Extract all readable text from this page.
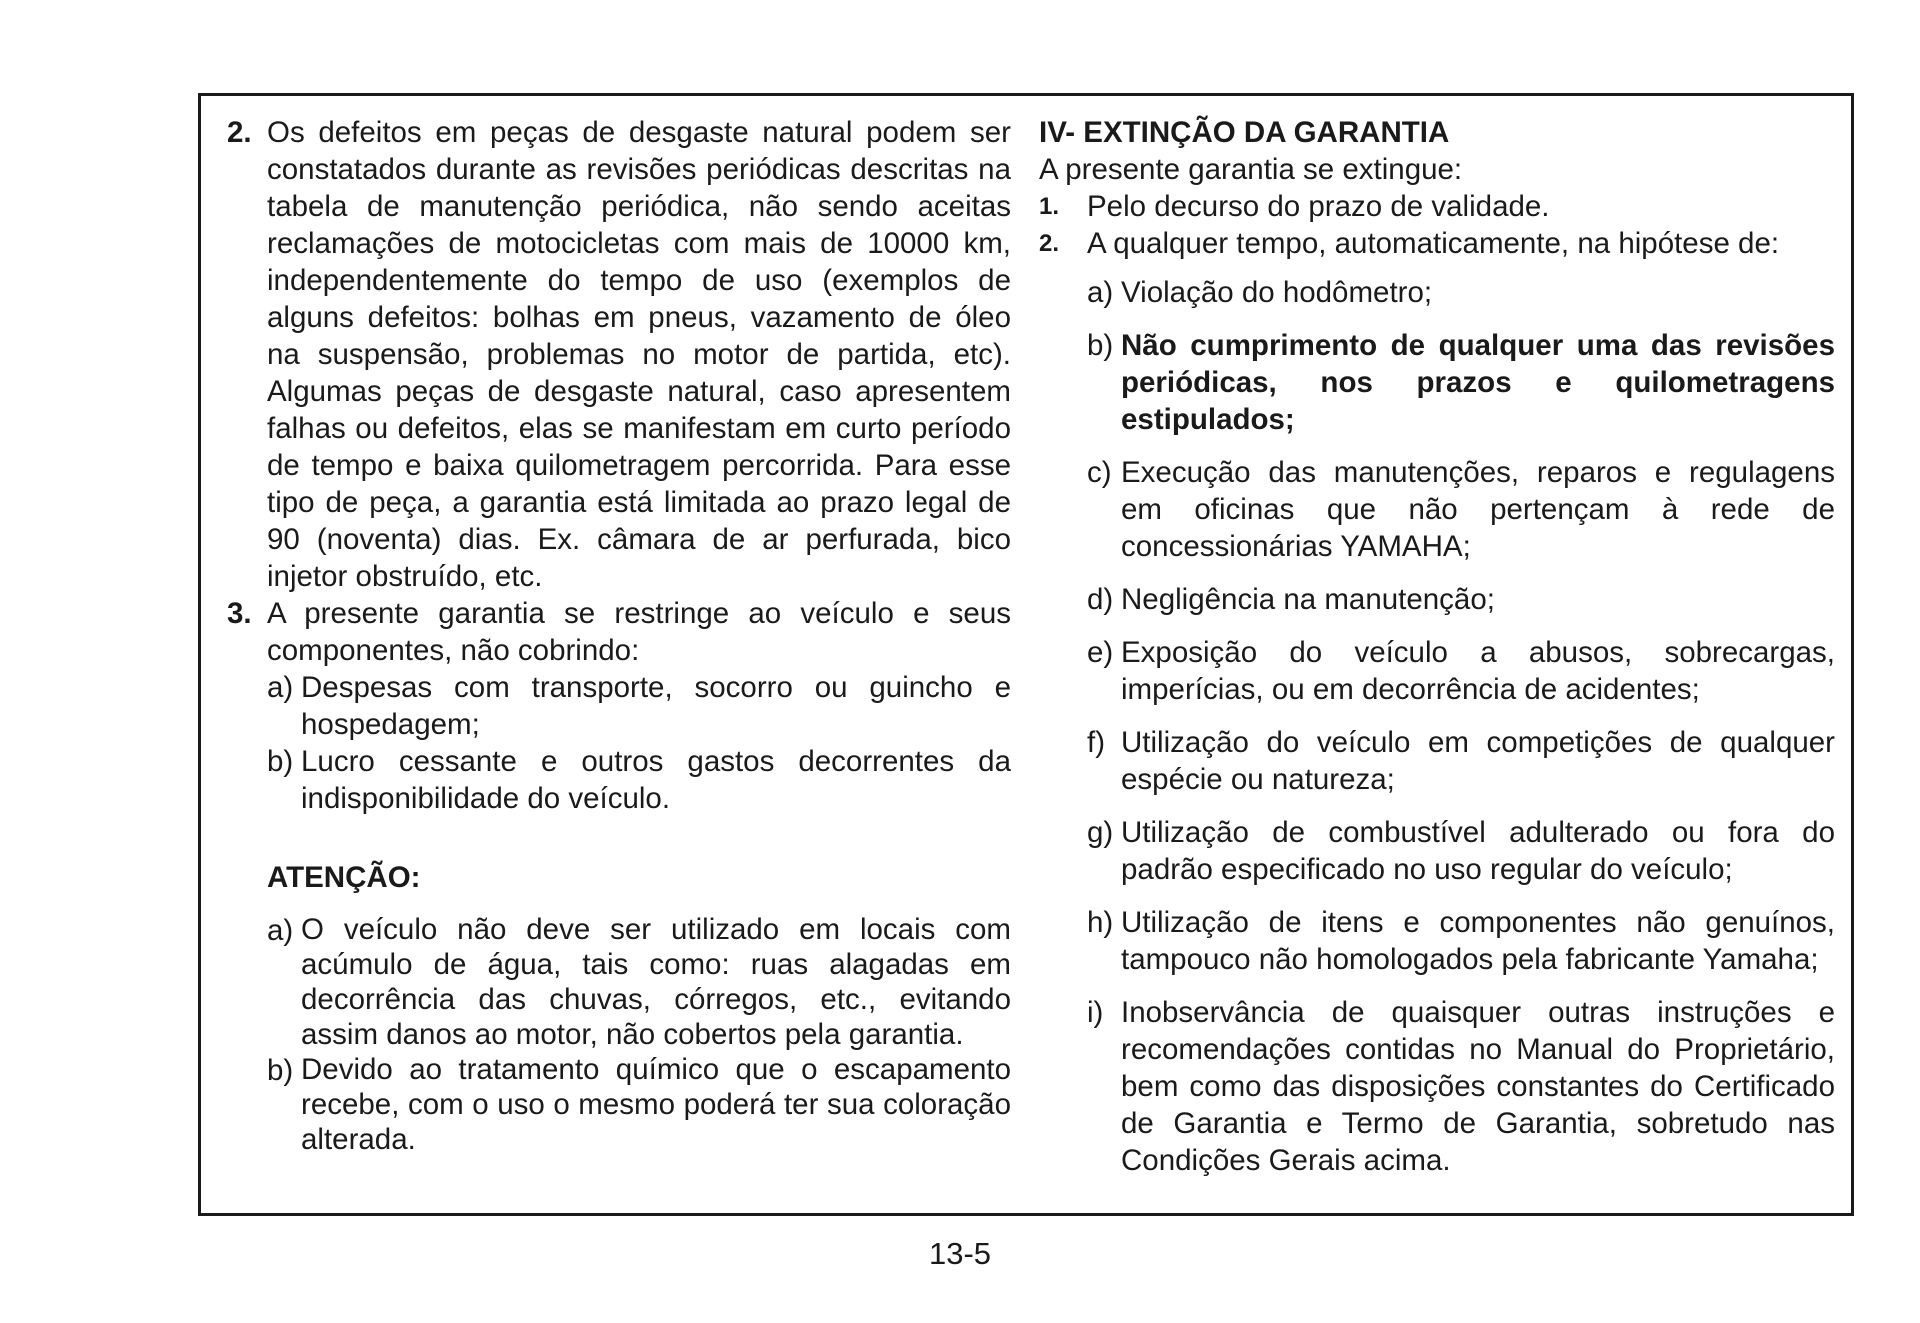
2. Os defeitos em peças de desgaste natural podem ser constatados durante as revisões periódicas descritas na tabela de manutenção periódica, não sendo aceitas reclamações de motocicletas com mais de 10000 km, independentemente do tempo de uso (exemplos de alguns defeitos: bolhas em pneus, vazamento de óleo na suspensão, problemas no motor de partida, etc). Algumas peças de desgaste natural, caso apresentem falhas ou defeitos, elas se manifestam em curto período de tempo e baixa quilometragem percorrida. Para esse tipo de peça, a garantia está limitada ao prazo legal de 90 (noventa) dias. Ex. câmara de ar perfurada, bico injetor obstruído, etc.

3. A presente garantia se restringe ao veículo e seus componentes, não cobrindo:

a) Despesas com transporte, socorro ou guincho e hospedagem;

b) Lucro cessante e outros gastos decorrentes da indisponibilidade do veículo.

ATENÇÃO:

a) O veículo não deve ser utilizado em locais com acúmulo de água, tais como: ruas alagadas em decorrência das chuvas, córregos, etc., evitando assim danos ao motor, não cobertos pela garantia.

b) Devido ao tratamento químico que o escapamento recebe, com o uso o mesmo poderá ter sua coloração alterada.

IV- EXTINÇÃO DA GARANTIA

A presente garantia se extingue:

1. Pelo decurso do prazo de validade.

2. A qualquer tempo, automaticamente, na hipótese de:

a) Violação do hodômetro;

b) Não cumprimento de qualquer uma das revisões periódicas, nos prazos e quilometragens estipulados;

c) Execução das manutenções, reparos e regulagens em oficinas que não pertençam à rede de concessionárias YAMAHA;

d) Negligência na manutenção;

e) Exposição do veículo a abusos, sobrecargas, imperícias, ou em decorrência de acidentes;

f) Utilização do veículo em competições de qualquer espécie ou natureza;

g) Utilização de combustível adulterado ou fora do padrão especificado no uso regular do veículo;

h) Utilização de itens e componentes não genuínos, tampouco não homologados pela fabricante Yamaha;

i) Inobservância de quaisquer outras instruções e recomendações contidas no Manual do Proprietário, bem como das disposições constantes do Certificado de Garantia e Termo de Garantia, sobretudo nas Condições Gerais acima.

13-5
